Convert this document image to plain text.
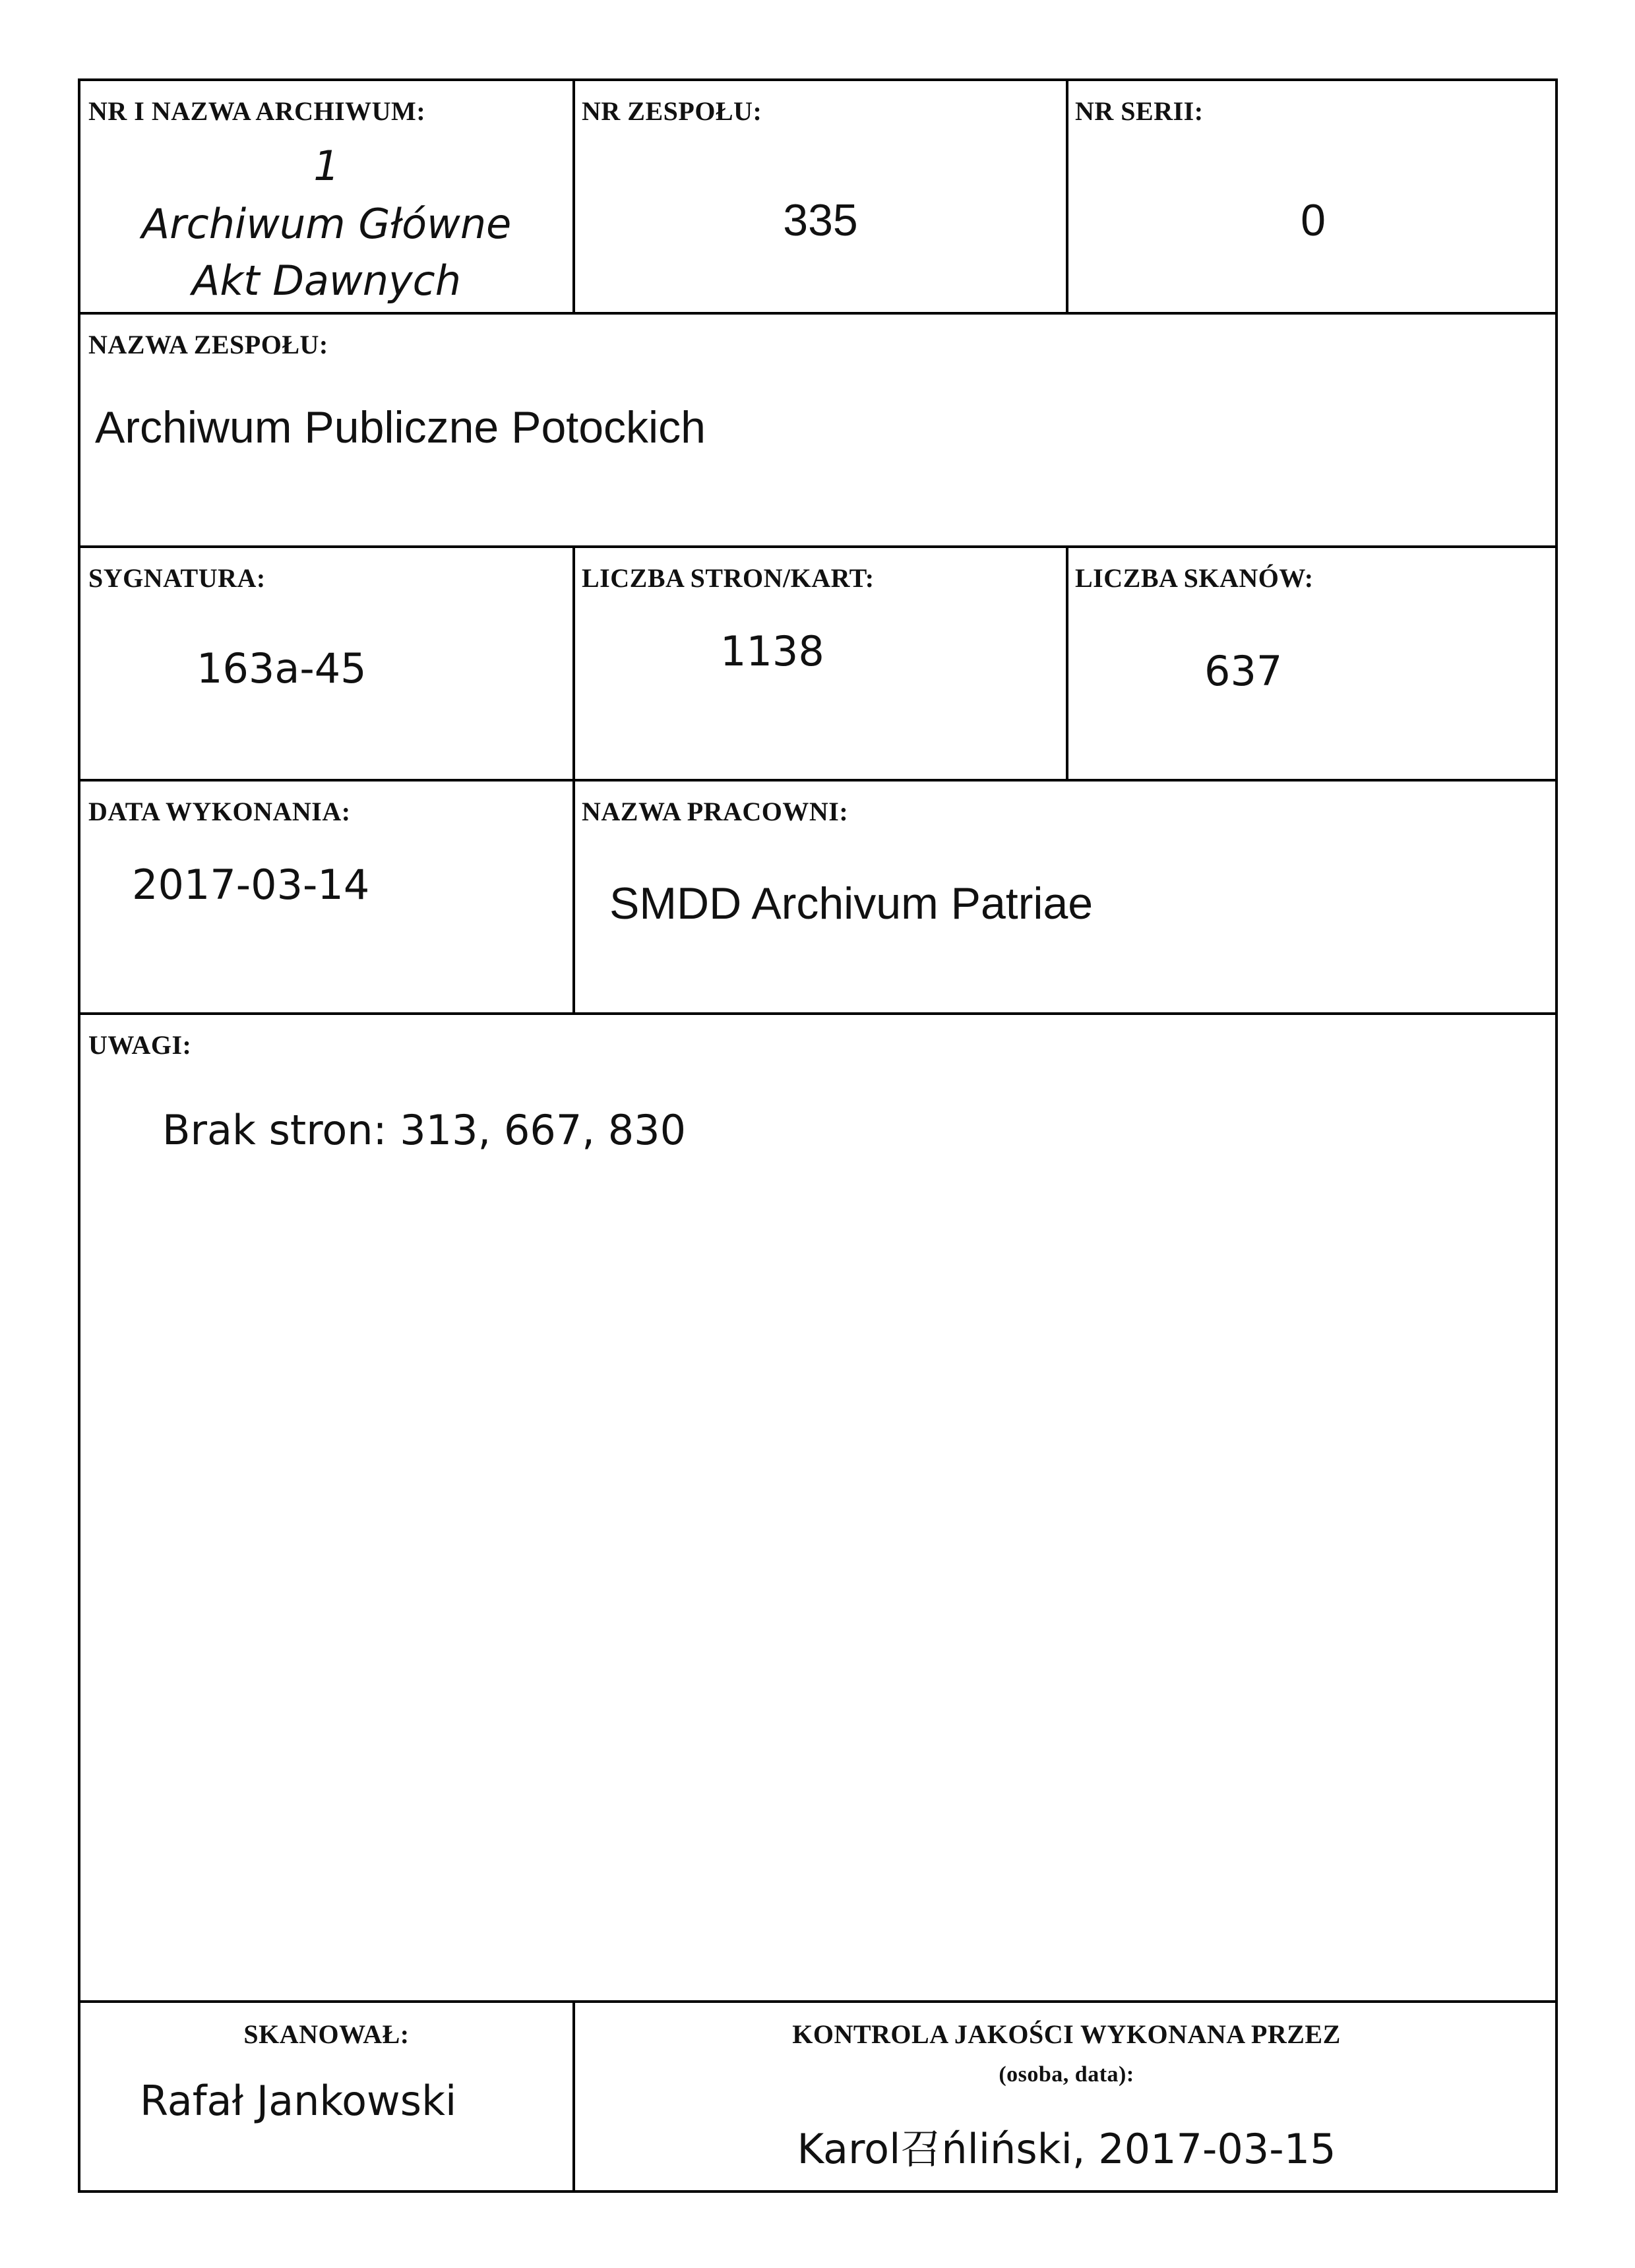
NR I NAZWA ARCHIWUM:
1
Archiwum Główne
Akt Dawnych
NR ZESPOŁU:
335
NR SERII:
0
NAZWA ZESPOŁU:
Archiwum Publiczne Potockich
SYGNATURA:
163a-45
LICZBA STRON/KART:
1138
LICZBA SKANÓW:
637
DATA WYKONANIA:
2017-03-14
NAZWA PRACOWNI:
SMDD Archivum Patriae
UWAGI:
Brak stron: 313, 667, 830
SKANOWAŁ:
Rafał Jankowski
KONTROLA JAKOŚCI WYKONANA PRZEZ
(osoba, data):
Karol召ńliński, 2017-03-15
